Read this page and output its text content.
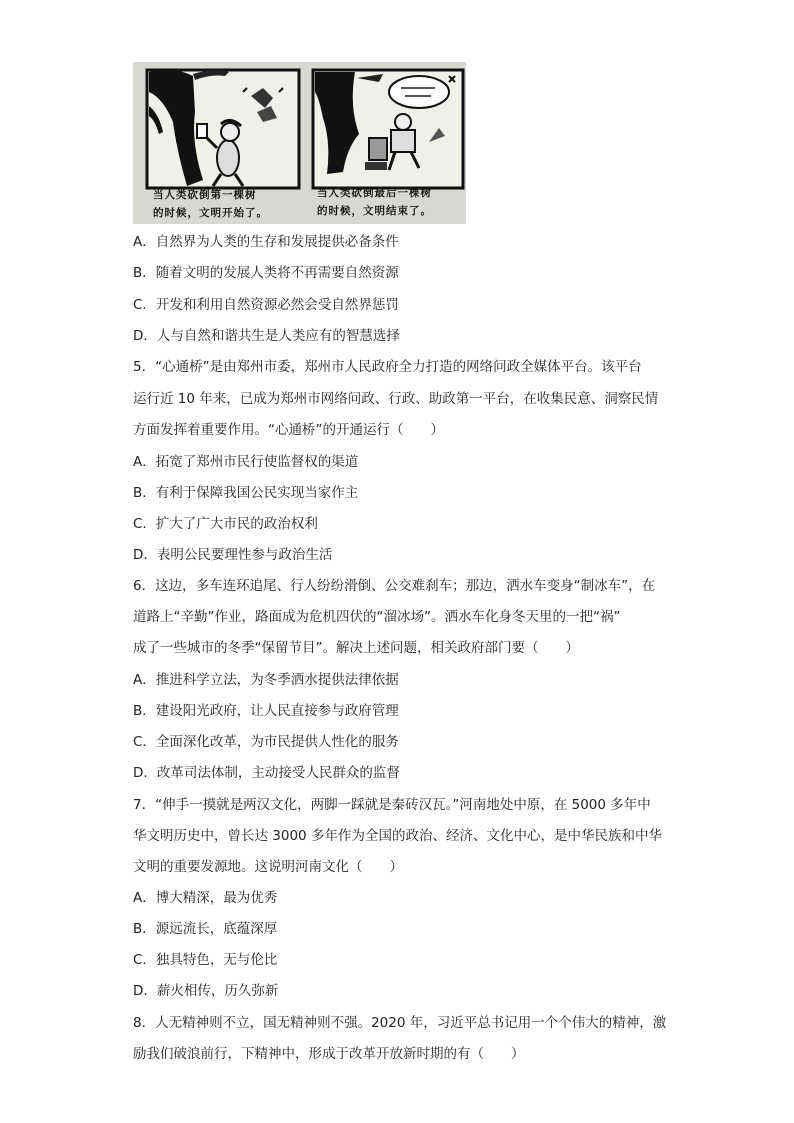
当人类砍倒第一棵树
的时候，文明开始了。
当人类砍倒最后一棵树
的时候，文明结束了。
A．自然界为人类的生存和发展提供必备条件
B．随着文明的发展人类将不再需要自然资源
C．开发和利用自然资源必然会受自然界惩罚
D．人与自然和谐共生是人类应有的智慧选择
5．“心通桥”是由郑州市委，郑州市人民政府全力打造的网络问政全媒体平台。该平台
运行近 10 年来，已成为郑州市网络问政、行政、助政第一平台，在收集民意、洞察民情
方面发挥着重要作用。“心通桥”的开通运行（　　）
A．拓宽了郑州市民行使监督权的渠道
B．有利于保障我国公民实现当家作主
C．扩大了广大市民的政治权利
D．表明公民要理性参与政治生活
6．这边，多车连环追尾、行人纷纷滑倒、公交难刹车；那边，洒水车变身“制冰车”，在
道路上“辛勤”作业，路面成为危机四伏的“溜冰场”。洒水车化身冬天里的一把“祸”
成了一些城市的冬季“保留节目”。解决上述问题，相关政府部门要（　　）
A．推进科学立法，为冬季洒水提供法律依据
B．建设阳光政府，让人民直接参与政府管理
C．全面深化改革，为市民提供人性化的服务
D．改革司法体制，主动接受人民群众的监督
7．“伸手一摸就是两汉文化，两脚一踩就是秦砖汉瓦。”河南地处中原，在 5000 多年中
华文明历史中，曾长达 3000 多年作为全国的政治、经济、文化中心，是中华民族和中华
文明的重要发源地。这说明河南文化（　　）
A．博大精深，最为优秀
B．源远流长，底蕴深厚
C．独具特色，无与伦比
D．薪火相传，历久弥新
8．人无精神则不立，国无精神则不强。2020 年，习近平总书记用一个个伟大的精神，激
励我们破浪前行，下精神中，形成于改革开放新时期的有（　　）
